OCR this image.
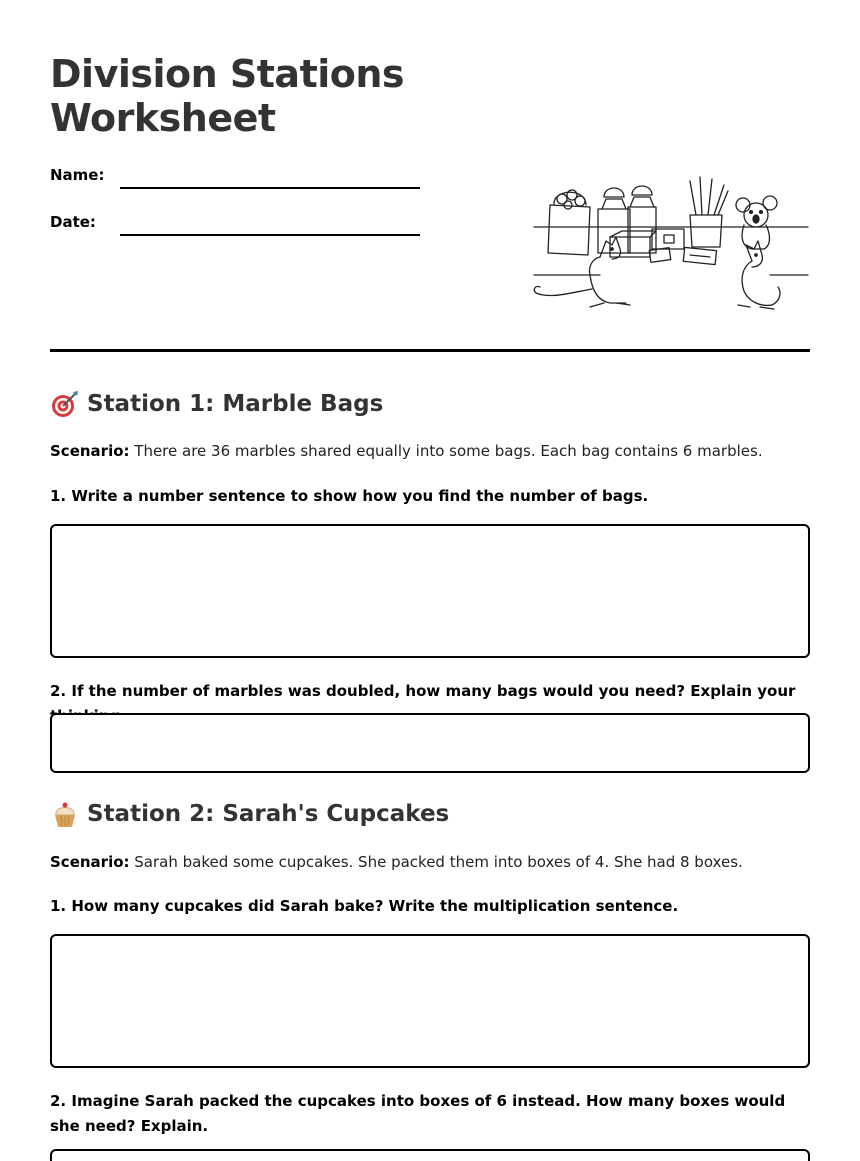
Division Stations
Worksheet
Name:
Date:
Station 1: Marble Bags
Scenario: There are 36 marbles shared equally into some bags. Each bag contains 6 marbles.
1. Write a number sentence to show how you find the number of bags.
2. If the number of marbles was doubled, how many bags would you need? Explain your
Station 2: Sarah's Cupcakes
Scenario: Sarah baked some cupcakes. She packed them into boxes of 4. She had 8 boxes.
1. How many cupcakes did Sarah bake? Write the multiplication sentence.
2. Imagine Sarah packed the cupcakes into boxes of 6 instead. How many boxes would she need? Explain.
